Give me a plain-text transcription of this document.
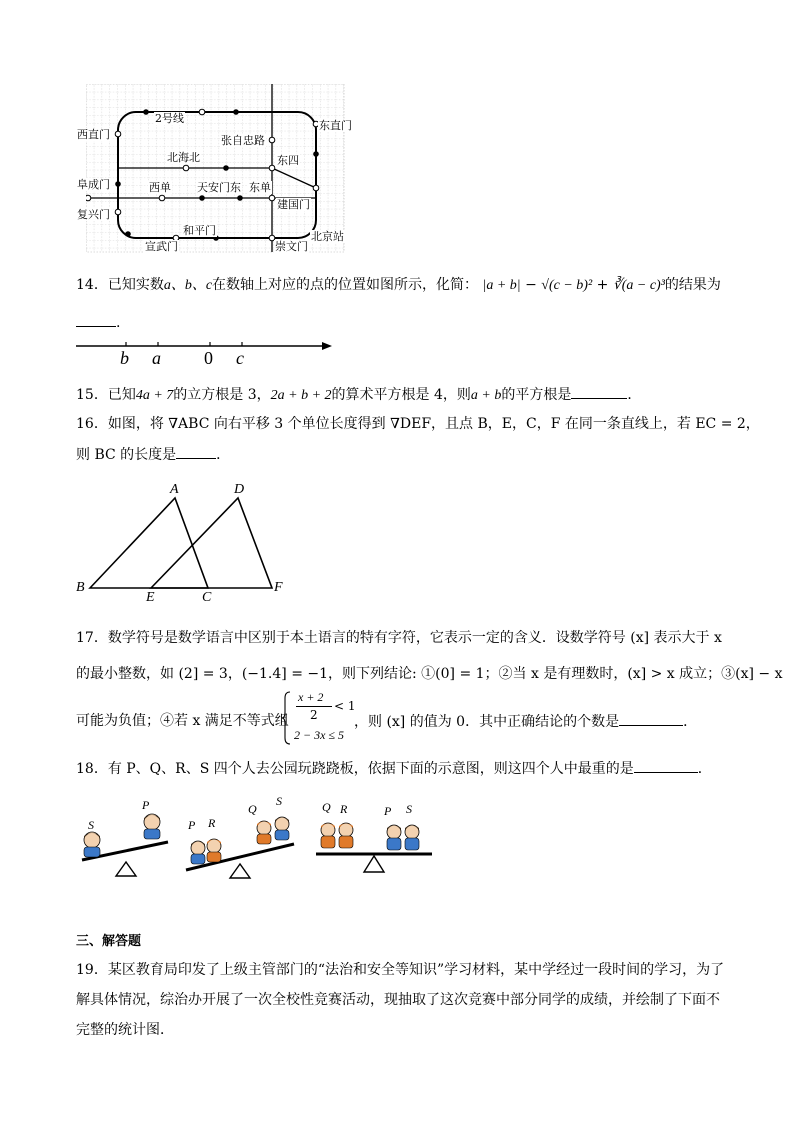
2号线
西直门
东直门
张自忠路
北海北	东四
阜成门	西单 天安门东 东单
复兴门
建国门
和平门
宣武门	崇文门
北京站
14．已知实数a、b、c在数轴上对应的点的位置如图所示，化简： |a + b| − √(c − b)² + ∛(a − c)³的结果为
.
b a 0 c
15．已知4a + 7的立方根是 3，2a + b + 2的算术平方根是 4，则a + b的平方根是	．
16．如图，将 ∇ABC 向右平移 3 个单位长度得到 ∇DEF，且点 B，E，C，F 在同一条直线上，若 EC = 2，
则 BC 的长度是	．
A	D
B
E	C
F
17．数学符号是数学语言中区别于本土语言的特有字符，它表示一定的含义．设数学符号 (x] 表示大于 x
的最小整数，如 (2] = 3，(−1.4] = −1，则下列结论: ①(0] = 1；②当 x 是有理数时，(x] > x 成立；③(x] − x
可能为负值；④若 x 满足不等式组
x + 2
2
< 1
2 − 3x ≤ 5
，则 (x] 的值为 0．其中正确结论的个数是	．
18．有 P、Q、R、S 四个人去公园玩跷跷板，依据下面的示意图，则这四个人中最重的是	．
S
P
P R
Q
S	Q R	P S
三、解答题
19．某区教育局印发了上级主管部门的“法治和安全等知识”学习材料，某中学经过一段时间的学习，为了
解具体情况，综治办开展了一次全校性竞赛活动，现抽取了这次竞赛中部分同学的成绩，并绘制了下面不
完整的统计图．
